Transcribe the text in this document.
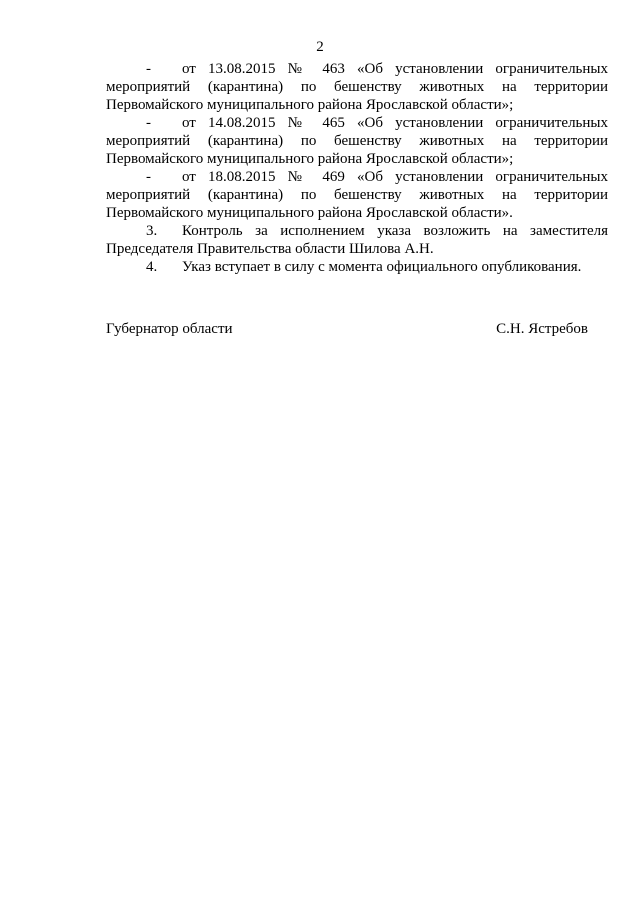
2

- от 13.08.2015 № 463 «Об установлении ограничительных мероприятий (карантина) по бешенству животных на территории Первомайского муниципального района Ярославской области»;

- от 14.08.2015 № 465 «Об установлении ограничительных мероприятий (карантина) по бешенству животных на территории Первомайского муниципального района Ярославской области»;

- от 18.08.2015 № 469 «Об установлении ограничительных мероприятий (карантина) по бешенству животных на территории Первомайского муниципального района Ярославской области».

3. Контроль за исполнением указа возложить на заместителя Председателя Правительства области Шилова А.Н.

4. Указ вступает в силу с момента официального опубликования.

Губернатор области	С.Н. Ястребов
